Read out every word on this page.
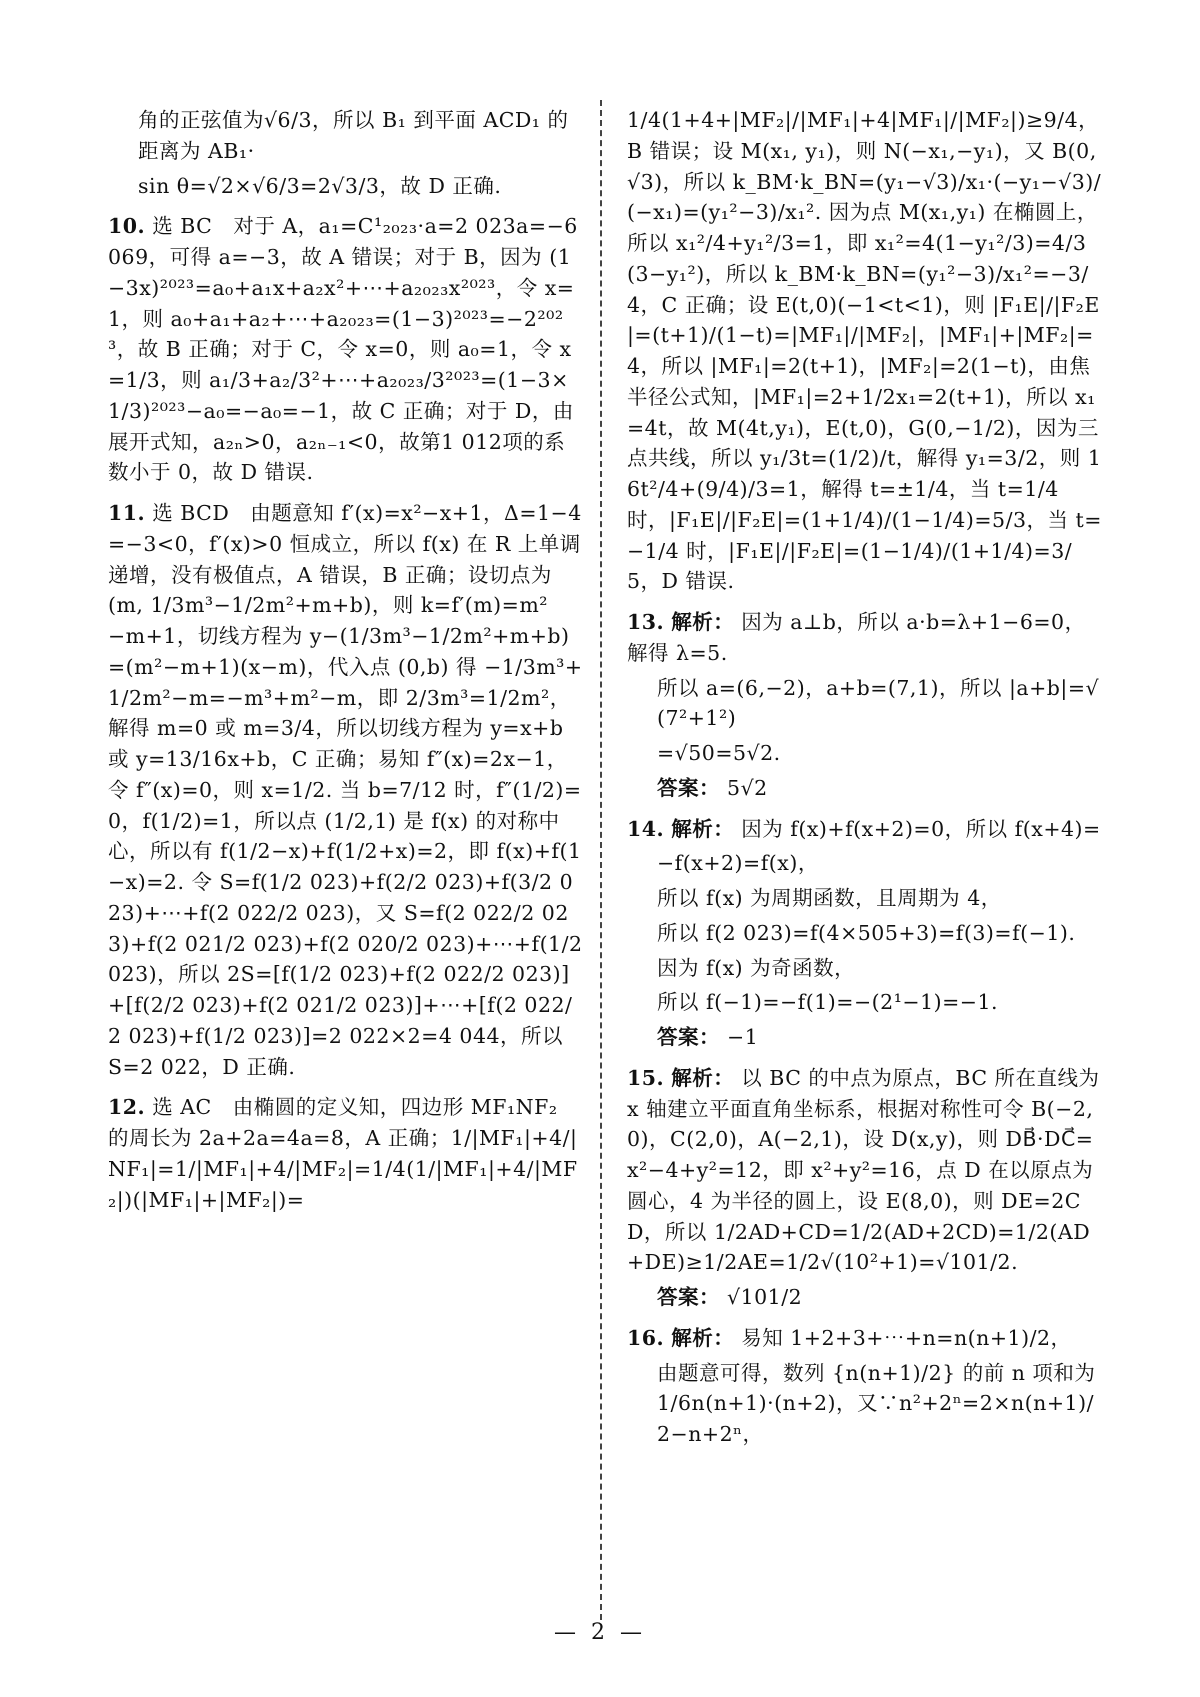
角的正弦值为√6/3，所以 B₁ 到平面 ACD₁ 的距离为 AB₁·

sin θ=√2×√6/3=2√3/3，故 D 正确.

10. 选 BC　对于 A，a₁=C¹₂₀₂₃·a=2 023a=−6 069，可得 a=−3，故 A 错误；对于 B，因为 (1−3x)²⁰²³=a₀+a₁x+a₂x²+⋯+a₂₀₂₃x²⁰²³，令 x=1，则 a₀+a₁+a₂+⋯+a₂₀₂₃=(1−3)²⁰²³=−2²⁰²³，故 B 正确；对于 C，令 x=0，则 a₀=1，令 x=1/3，则 a₁/3+a₂/3²+⋯+a₂₀₂₃/3²⁰²³=(1−3×1/3)²⁰²³−a₀=−a₀=−1，故 C 正确；对于 D，由展开式知，a₂ₙ>0，a₂ₙ₋₁<0，故第1 012项的系数小于 0，故 D 错误.
11. 选 BCD　由题意知 f′(x)=x²−x+1，Δ=1−4=−3<0，f′(x)>0 恒成立，所以 f(x) 在 R 上单调递增，没有极值点，A 错误，B 正确；设切点为 (m, 1/3m³−1/2m²+m+b)，则 k=f′(m)=m²−m+1，切线方程为 y−(1/3m³−1/2m²+m+b)=(m²−m+1)(x−m)，代入点 (0,b) 得 −1/3m³+1/2m²−m=−m³+m²−m，即 2/3m³=1/2m²，解得 m=0 或 m=3/4，所以切线方程为 y=x+b 或 y=13/16x+b，C 正确；易知 f″(x)=2x−1，令 f″(x)=0，则 x=1/2. 当 b=7/12 时，f″(1/2)=0，f(1/2)=1，所以点 (1/2,1) 是 f(x) 的对称中心，所以有 f(1/2−x)+f(1/2+x)=2，即 f(x)+f(1−x)=2. 令 S=f(1/2 023)+f(2/2 023)+f(3/2 023)+⋯+f(2 022/2 023)，又 S=f(2 022/2 023)+f(2 021/2 023)+f(2 020/2 023)+⋯+f(1/2 023)，所以 2S=[f(1/2 023)+f(2 022/2 023)]+[f(2/2 023)+f(2 021/2 023)]+⋯+[f(2 022/2 023)+f(1/2 023)]=2 022×2=4 044，所以 S=2 022，D 正确.
12. 选 AC　由椭圆的定义知，四边形 MF₁NF₂ 的周长为 2a+2a=4a=8，A 正确；1/|MF₁|+4/|NF₁|=1/|MF₁|+4/|MF₂|=1/4(1/|MF₁|+4/|MF₂|)(|MF₁|+|MF₂|)=
1/4(1+4+|MF₂|/|MF₁|+4|MF₁|/|MF₂|)≥9/4，B 错误；设 M(x₁, y₁)，则 N(−x₁,−y₁)，又 B(0,√3)，所以 k_BM·k_BN=(y₁−√3)/x₁·(−y₁−√3)/(−x₁)=(y₁²−3)/x₁². 因为点 M(x₁,y₁) 在椭圆上，所以 x₁²/4+y₁²/3=1，即 x₁²=4(1−y₁²/3)=4/3(3−y₁²)，所以 k_BM·k_BN=(y₁²−3)/x₁²=−3/4，C 正确；设 E(t,0)(−1<t<1)，则 |F₁E|/|F₂E|=(t+1)/(1−t)=|MF₁|/|MF₂|，|MF₁|+|MF₂|=4，所以 |MF₁|=2(t+1)，|MF₂|=2(1−t)，由焦半径公式知，|MF₁|=2+1/2x₁=2(t+1)，所以 x₁=4t，故 M(4t,y₁)，E(t,0)，G(0,−1/2)，因为三点共线，所以 y₁/3t=(1/2)/t，解得 y₁=3/2，则 16t²/4+(9/4)/3=1，解得 t=±1/4，当 t=1/4 时，|F₁E|/|F₂E|=(1+1/4)/(1−1/4)=5/3，当 t=−1/4 时，|F₁E|/|F₂E|=(1−1/4)/(1+1/4)=3/5，D 错误.

13. 解析： 因为 a⊥b，所以 a·b=λ+1−6=0，解得 λ=5.

所以 a=(6,−2)，a+b=(7,1)，所以 |a+b|=√(7²+1²)

=√50=5√2.

答案： 5√2

14. 解析： 因为 f(x)+f(x+2)=0，所以 f(x+4)=

−f(x+2)=f(x)，

所以 f(x) 为周期函数，且周期为 4，

所以 f(2 023)=f(4×505+3)=f(3)=f(−1).

因为 f(x) 为奇函数，

所以 f(−1)=−f(1)=−(2¹−1)=−1.

答案： −1

15. 解析： 以 BC 的中点为原点，BC 所在直线为 x 轴建立平面直角坐标系，根据对称性可令 B(−2,0)，C(2,0)，A(−2,1)，设 D(x,y)，则 DB⃗·DC⃗=x²−4+y²=12，即 x²+y²=16，点 D 在以原点为圆心，4 为半径的圆上，设 E(8,0)，则 DE=2CD，所以 1/2AD+CD=1/2(AD+2CD)=1/2(AD+DE)≥1/2AE=1/2√(10²+1)=√101/2.

答案： √101/2

16. 解析： 易知 1+2+3+⋯+n=n(n+1)/2，

由题意可得，数列 {n(n+1)/2} 的前 n 项和为 1/6n(n+1)·(n+2)，又∵n²+2ⁿ=2×n(n+1)/2−n+2ⁿ，

— 2 —
